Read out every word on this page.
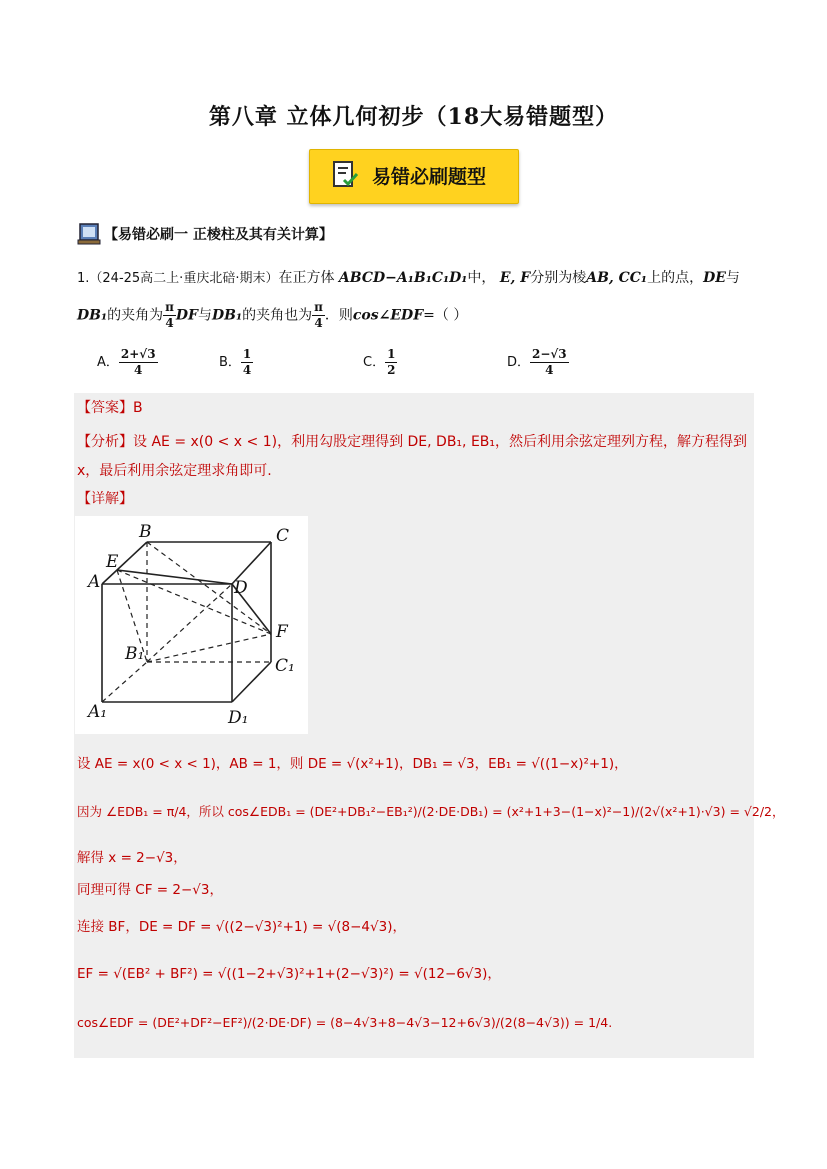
第八章 立体几何初步（18大易错题型）
易错必刷题型
【易错必刷一 正棱柱及其有关计算】
1.（24-25高二上·重庆北碚·期末）在正方体 ABCD−A₁B₁C₁D₁中， E, F分别为棱AB, CC₁上的点，DE与
DB₁的夹角为 $\frac{\pi}{4}$ DF与DB₁的夹角也为 $\frac{\pi}{4}$ ．则cos∠EDF=（ ）
A． $\frac{2+√3}{4}$	B． $\frac{1}{4}$	C． $\frac{1}{2}$	D． $\frac{2-√3}{4}$
【答案】B
【分析】设 AE = x(0 < x < 1)，利用勾股定理得到 DE, DB₁, EB₁，然后利用余弦定理列方程，解方程得到
x，最后利用余弦定理求角即可.
【详解】
B	C
E
A	D
F
B₁
C₁
A₁	D₁
设 AE = x(0 < x < 1)，AB = 1，则 DE = √(x²+1)，DB₁ = √3，EB₁ = √((1−x)²+1)，
因为 ∠EDB₁ = π/4，所以 cos∠EDB₁ = (DE²+DB₁²−EB₁²)/(2·DE·DB₁) = (x²+1+3−(1−x)²−1)/(2√(x²+1)·√3) = √2/2，
解得 x = 2−√3，
同理可得 CF = 2−√3，
连接 BF，DE = DF = √((2−√3)²+1) = √(8−4√3)，
EF = √(EB² + BF²) = √((1−2+√3)²+1+(2−√3)²) = √(12−6√3)，
cos∠EDF = (DE²+DF²−EF²)/(2·DE·DF) = (8−4√3+8−4√3−12+6√3)/(2(8−4√3)) = 1/4.
